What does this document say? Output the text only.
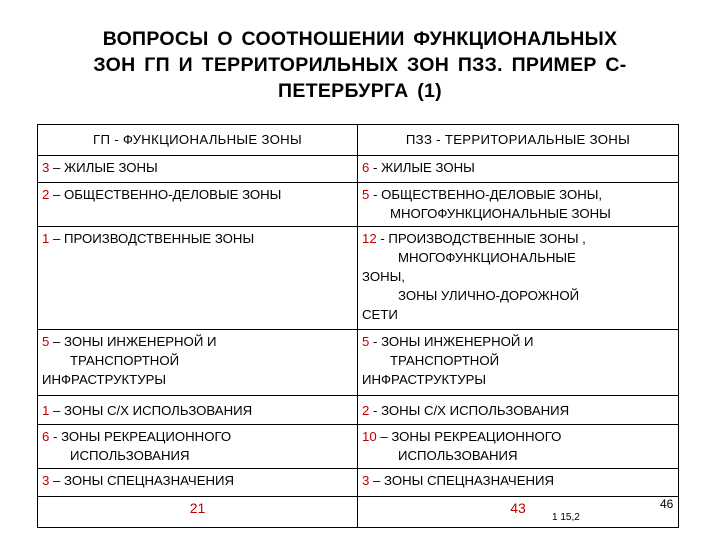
ВОПРОСЫ О СООТНОШЕНИИ ФУНКЦИОНАЛЬНЫХ
ЗОН ГП И ТЕРРИТОРИЛЬНЫХ ЗОН ПЗЗ. ПРИМЕР С-
ПЕТЕРБУРГА (1)
ГП - ФУНКЦИОНАЛЬНЫЕ ЗОНЫ	ПЗЗ - ТЕРРИТОРИАЛЬНЫЕ ЗОНЫ
3 – ЖИЛЫЕ ЗОНЫ	6 - ЖИЛЫЕ ЗОНЫ
2 – ОБЩЕСТВЕННО-ДЕЛОВЫЕ ЗОНЫ	5 - ОБЩЕСТВЕННО-ДЕЛОВЫЕ ЗОНЫ,
МНОГОФУНКЦИОНАЛЬНЫЕ ЗОНЫ

1 – ПРОИЗВОДСТВЕННЫЕ ЗОНЫ	12 - ПРОИЗВОДСТВЕННЫЕ ЗОНЫ ,
МНОГОФУНКЦИОНАЛЬНЫЕ
ЗОНЫ,
ЗОНЫ УЛИЧНО-ДОРОЖНОЙ
СЕТИ

5 – ЗОНЫ ИНЖЕНЕРНОЙ И
ТРАНСПОРТНОЙ
ИНФРАСТРУКТУРЫ	5 - ЗОНЫ ИНЖЕНЕРНОЙ И
ТРАНСПОРТНОЙ
ИНФРАСТРУКТУРЫ

1 – ЗОНЫ С/Х ИСПОЛЬЗОВАНИЯ	2 - ЗОНЫ С/Х ИСПОЛЬЗОВАНИЯ
6 - ЗОНЫ РЕКРЕАЦИОННОГО
ИСПОЛЬЗОВАНИЯ	10 – ЗОНЫ РЕКРЕАЦИОННОГО
ИСПОЛЬЗОВАНИЯ

3 – ЗОНЫ СПЕЦНАЗНАЧЕНИЯ	3 – ЗОНЫ СПЕЦНАЗНАЧЕНИЯ
21	43
1 15,2
46
